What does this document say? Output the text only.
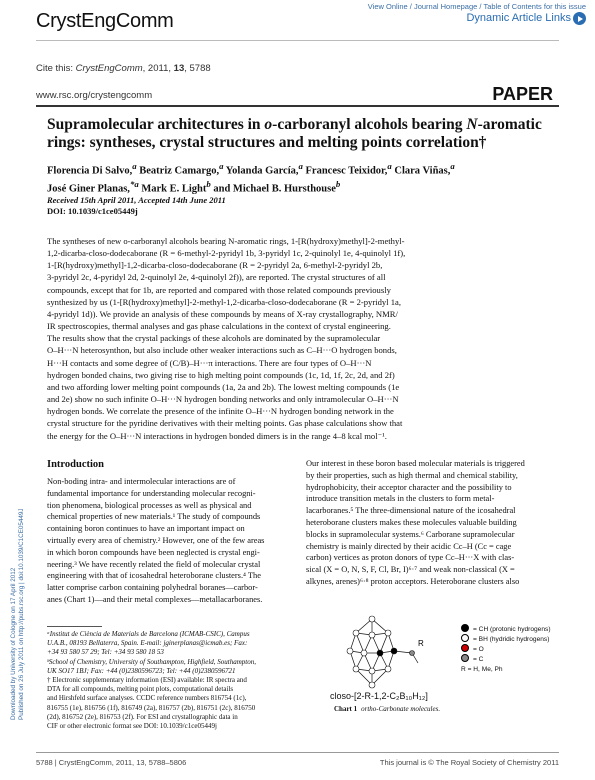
View Online / Journal Homepage / Table of Contents for this issue
CrystEngComm	Dynamic Article Links
Cite this: CrystEngComm, 2011, 13, 5788
www.rsc.org/crystengcomm	PAPER
Supramolecular architectures in o-carboranyl alcohols bearing N-aromatic rings: syntheses, crystal structures and melting points correlation†
Florencia Di Salvo,$^a$ Beatriz Camargo,$^a$ Yolanda García,$^a$ Francesc Teixidor,$^a$ Clara Viñas,$^a$
José Giner Planas,$^{*a}$ Mark E. Light$^b$ and Michael B. Hursthouse$^b$
Received 15th April 2011, Accepted 14th June 2011
DOI: 10.1039/c1ce05449j
The syntheses of new o-carboranyl alcohols bearing N-aromatic rings, 1-[R(hydroxy)methyl]-2-methyl-
1,2-dicarba-closo-dodecaborane (R = 6-methyl-2-pyridyl 1b, 3-pyridyl 1c, 2-quinolyl 1e, 4-quinolyl 1f),
1-[R(hydroxy)methyl]-1,2-dicarba-closo-dodecaborane (R = 2-pyridyl 2a, 6-methyl-2-pyridyl 2b,
3-pyridyl 2c, 4-pyridyl 2d, 2-quinolyl 2e, 4-quinolyl 2f)), are reported. The crystal structures of all
compounds, except that for 1b, are reported and compared with those related compounds previously
synthesized by us (1-[R(hydroxy)methyl]-2-methyl-1,2-dicarba-closo-dodecaborane (R = 2-pyridyl 1a,
4-pyridyl 1d)). We provide an analysis of these compounds by means of X-ray crystallography, NMR/
IR spectroscopies, thermal analyses and gas phase calculations in the context of crystal engineering.
The results show that the crystal packings of these alcohols are dominated by the supramolecular
O–H···N heterosynthon, but also include other weaker interactions such as C–H···O hydrogen bonds,
H···H contacts and some degree of (C/B)–H···π interactions. There are four types of O–H···N
hydrogen bonded chains, two giving rise to high melting point compounds (1c, 1d, 1f, 2c, 2d, and 2f)
and two affording lower melting point compounds (1a, 2a and 2b). The lowest melting compounds (1e
and 2e) show no such infinite O–H···N hydrogen bonding networks and only intramolecular O–H···N
hydrogen bonds. We correlate the presence of the infinite O–H···N hydrogen bonding network in the
crystal structure for the pyridine derivatives with their melting points. Gas phase calculations show that
the energy for the O–H···N interactions in hydrogen bonded dimers is in the range 4–8 kcal mol⁻¹.
Introduction
Non-boding intra- and intermolecular interactions are of
fundamental importance for understanding molecular recogni-
tion phenomena, biological processes as well as physical and
chemical properties of new materials.¹ The study of compounds
containing boron continues to have an important impact on
virtually every area of chemistry.² However, one of the few areas
in which boron compounds have been neglected is crystal engi-
neering.³ We have recently related the field of molecular crystal
engineering with that of icosahedral heteroborane clusters.⁴ The
latter comprise carbon containing polyhedral boranes—carbor-
anes (Chart 1)—and their metal complexes—metallacarboranes.
Our interest in these boron based molecular materials is triggered
by their properties, such as high thermal and chemical stability,
hydrophobicity, their acceptor character and the possibility to
introduce transition metals in the clusters to form metal-
lacarboranes.⁵ The three-dimensional nature of the icosahedral
heteroborane clusters makes these molecules valuable building
blocks in supramolecular systems.⁶ Carborane supramolecular
chemistry is mainly directed by their acidic Cc–H (Cc = cage
carbon) vertices as proton donors of type Cc–H···X with clas-
sical (X = O, N, S, F, Cl, Br, I)⁶·⁷ and weak non-classical (X =
alkynes, arenes)⁶·⁸ proton acceptors. Heteroborane clusters also
ᵃInstitut de Ciència de Materials de Barcelona (ICMAB-CSIC), Campus
U.A.B., 08193 Bellaterra, Spain. E-mail: jginerplanas@icmab.es; Fax:
+34 93 580 57 29; Tel: +34 93 580 18 53
ᵇSchool of Chemistry, University of Southampton, Highfield, Southampton,
UK SO17 1BJ; Fax: +44 (0)2380596723; Tel: +44 (0)2380596721
† Electronic supplementary information (ESI) available: IR spectra and
DTA for all compounds, melting point plots, computational details
and Hirshfeld surface analyses. CCDC reference numbers 816754 (1c),
816755 (1e), 816756 (1f), 816749 (2a), 816757 (2b), 816751 (2c), 816750
(2d), 816752 (2e), 816753 (2f). For ESI and crystallographic data in
CIF or other electronic format see DOI: 10.1039/c1ce05449j
R
= CH (protonic hydrogens)
= BH (hydridic hydrogens)
= O
= C
R = H, Me, Ph
closo-[2-R-1,2-C₂B₁₀H₁₂]
Chart 1 ortho-Carbonate molecules.
5788 | CrystEngComm, 2011, 13, 5788–5806	This journal is © The Royal Society of Chemistry 2011
Downloaded by University of Cologne on 17 April 2012 Published on 26 July 2011 on http://pubs.rsc.org | doi:10.1039/C1CE05449J
